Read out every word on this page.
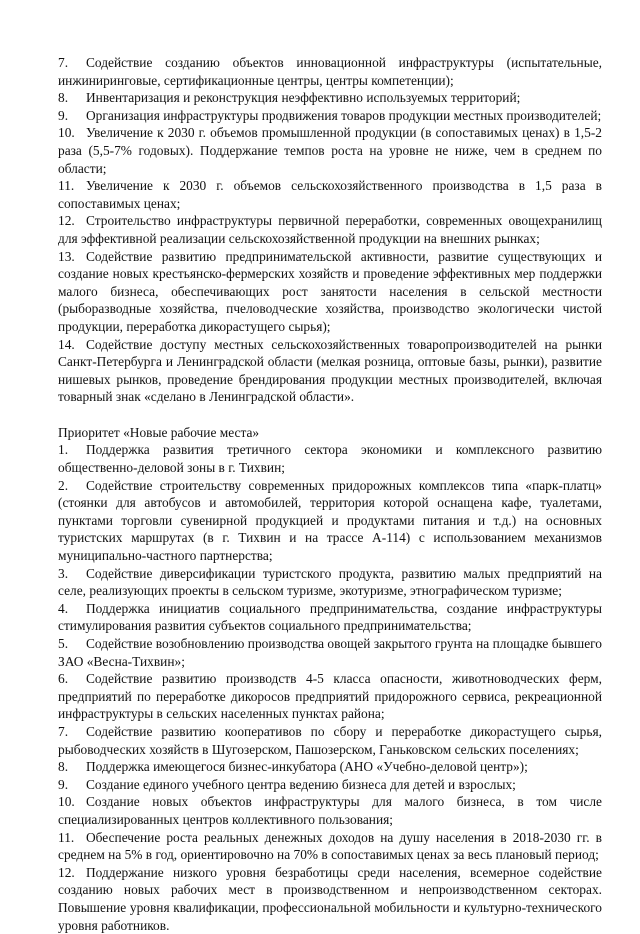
7. Содействие созданию объектов инновационной инфраструктуры (испытательные, инжиниринговые, сертификационные центры, центры компетенции);

8. Инвентаризация и реконструкция неэффективно используемых территорий;

9. Организация инфраструктуры продвижения товаров продукции местных производителей;

10. Увеличение к 2030 г. объемов промышленной продукции (в сопоставимых ценах) в 1,5-2 раза (5,5-7% годовых). Поддержание темпов роста на уровне не ниже, чем в среднем по области;

11. Увеличение к 2030 г. объемов сельскохозяйственного производства в 1,5 раза в сопоставимых ценах;

12. Строительство инфраструктуры первичной переработки, современных овощехранилищ для эффективной реализации сельскохозяйственной продукции на внешних рынках;

13. Содействие развитию предпринимательской активности, развитие существующих и создание новых крестьянско-фермерских хозяйств и проведение эффективных мер поддержки малого бизнеса, обеспечивающих рост занятости населения в сельской местности (рыборазводные хозяйства, пчеловодческие хозяйства, производство экологически чистой продукции, переработка дикорастущего сырья);

14. Содействие доступу местных сельскохозяйственных товаропроизводителей на рынки Санкт-Петербурга и Ленинградской области (мелкая розница, оптовые базы, рынки), развитие нишевых рынков, проведение брендирования продукции местных производителей, включая товарный знак «сделано в Ленинградской области».

Приоритет «Новые рабочие места»

1. Поддержка развития третичного сектора экономики и комплексного развитию общественно-деловой зоны в г. Тихвин;

2. Содействие строительству современных придорожных комплексов типа «парк-платц» (стоянки для автобусов и автомобилей, территория которой оснащена кафе, туалетами, пунктами торговли сувенирной продукцией и продуктами питания и т.д.) на основных туристских маршрутах (в г. Тихвин и на трассе А-114) с использованием механизмов муниципально-частного партнерства;

3. Содействие диверсификации туристского продукта, развитию малых предприятий на селе, реализующих проекты в сельском туризме, экотуризме, этнографическом туризме;

4. Поддержка инициатив социального предпринимательства, создание инфраструктуры стимулирования развития субъектов социального предпринимательства;

5. Содействие возобновлению производства овощей закрытого грунта на площадке бывшего ЗАО «Весна-Тихвин»;

6. Содействие развитию производств 4-5 класса опасности, животноводческих ферм, предприятий по переработке дикоросов предприятий придорожного сервиса, рекреационной инфраструктуры в сельских населенных пунктах района;

7. Содействие развитию кооперативов по сбору и переработке дикорастущего сырья, рыбоводческих хозяйств в Шугозерском, Пашозерском, Ганьковском сельских поселениях;

8. Поддержка имеющегося бизнес-инкубатора (АНО «Учебно-деловой центр»);

9. Создание единого учебного центра ведению бизнеса для детей и взрослых;

10. Создание новых объектов инфраструктуры для малого бизнеса, в том числе специализированных центров коллективного пользования;

11. Обеспечение роста реальных денежных доходов на душу населения в 2018-2030 гг. в среднем на 5% в год, ориентировочно на 70% в сопоставимых ценах за весь плановый период;

12. Поддержание низкого уровня безработицы среди населения, всемерное содействие созданию новых рабочих мест в производственном и непроизводственном секторах. Повышение уровня квалификации, профессиональной мобильности и культурно-технического уровня работников.
